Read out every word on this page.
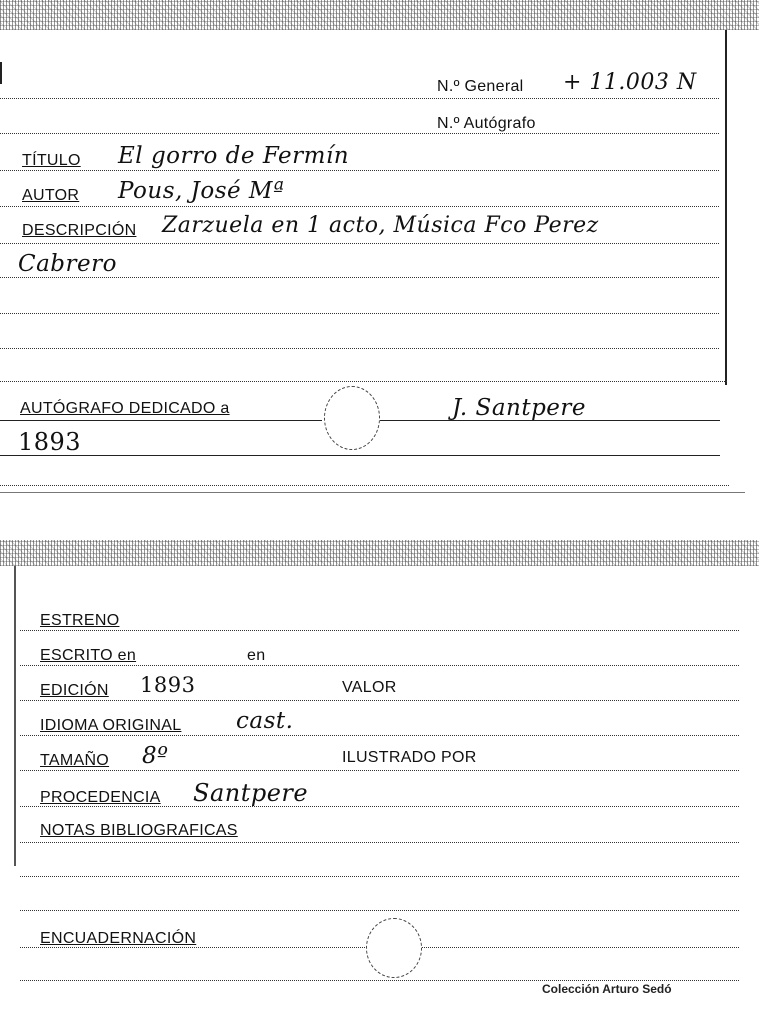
N.º General + 11.003 N
N.º Autógrafo
TÍTULO El gorro de Fermín
AUTOR Pous, José Mª
DESCRIPCIÓN Zarzuela en 1 acto, Música Fco Perez
Cabrero
AUTÓGRAFO DEDICADO a	J. Santpere
1893
ESTRENO
ESCRITO en	en
EDICIÓN 1893	VALOR
IDIOMA ORIGINAL cast.
TAMAÑO 8º	ILUSTRADO POR
PROCEDENCIA Santpere
NOTAS BIBLIOGRAFICAS
ENCUADERNACIÓN
Colección Arturo Sedó
